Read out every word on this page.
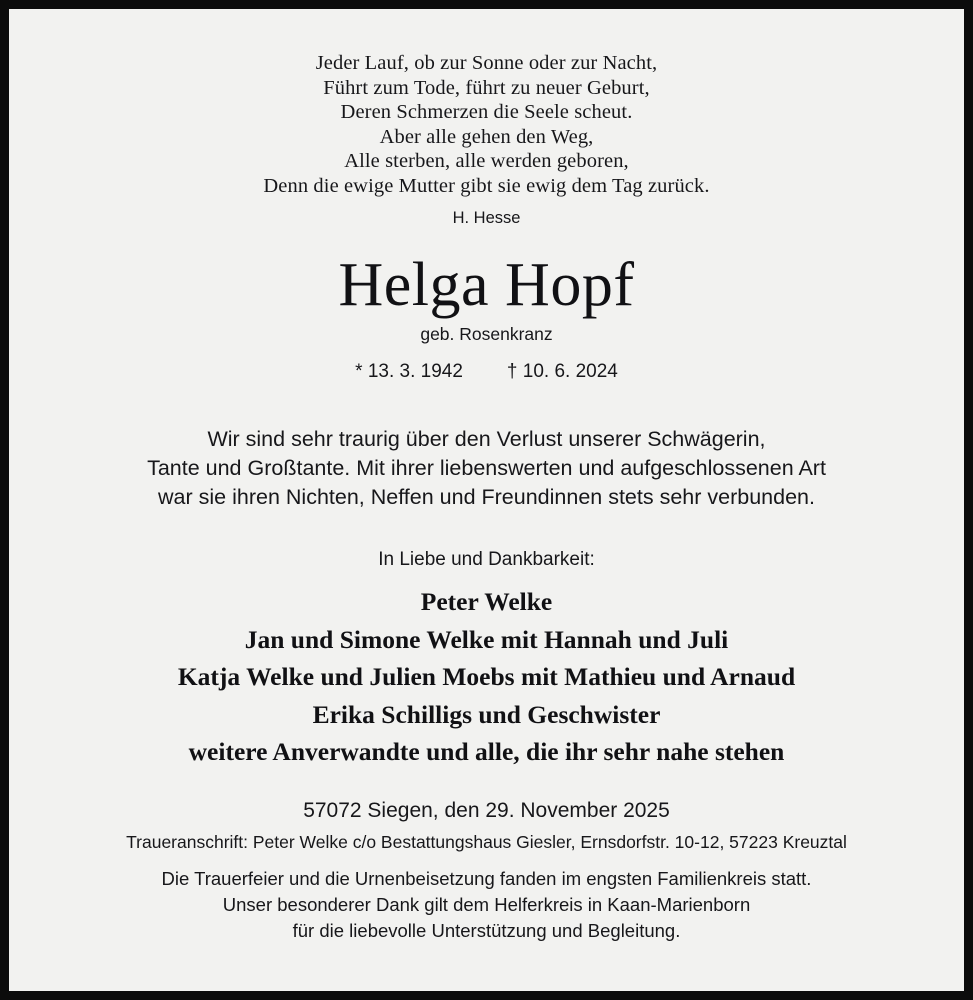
Jeder Lauf, ob zur Sonne oder zur Nacht,
Führt zum Tode, führt zu neuer Geburt,
Deren Schmerzen die Seele scheut.
Aber alle gehen den Weg,
Alle sterben, alle werden geboren,
Denn die ewige Mutter gibt sie ewig dem Tag zurück.
H. Hesse
Helga Hopf
geb. Rosenkranz
* 13. 3. 1942 † 10. 6. 2024
Wir sind sehr traurig über den Verlust unserer Schwägerin,
Tante und Großtante. Mit ihrer liebenswerten und aufgeschlossenen Art
war sie ihren Nichten, Neffen und Freundinnen stets sehr verbunden.
In Liebe und Dankbarkeit:
Peter Welke
Jan und Simone Welke mit Hannah und Juli
Katja Welke und Julien Moebs mit Mathieu und Arnaud
Erika Schilligs und Geschwister
weitere Anverwandte und alle, die ihr sehr nahe stehen
57072 Siegen, den 29. November 2025
Traueranschrift: Peter Welke c/o Bestattungshaus Giesler, Ernsdorfstr. 10-12, 57223 Kreuztal
Die Trauerfeier und die Urnenbeisetzung fanden im engsten Familienkreis statt.
Unser besonderer Dank gilt dem Helferkreis in Kaan-Marienborn
für die liebevolle Unterstützung und Begleitung.
